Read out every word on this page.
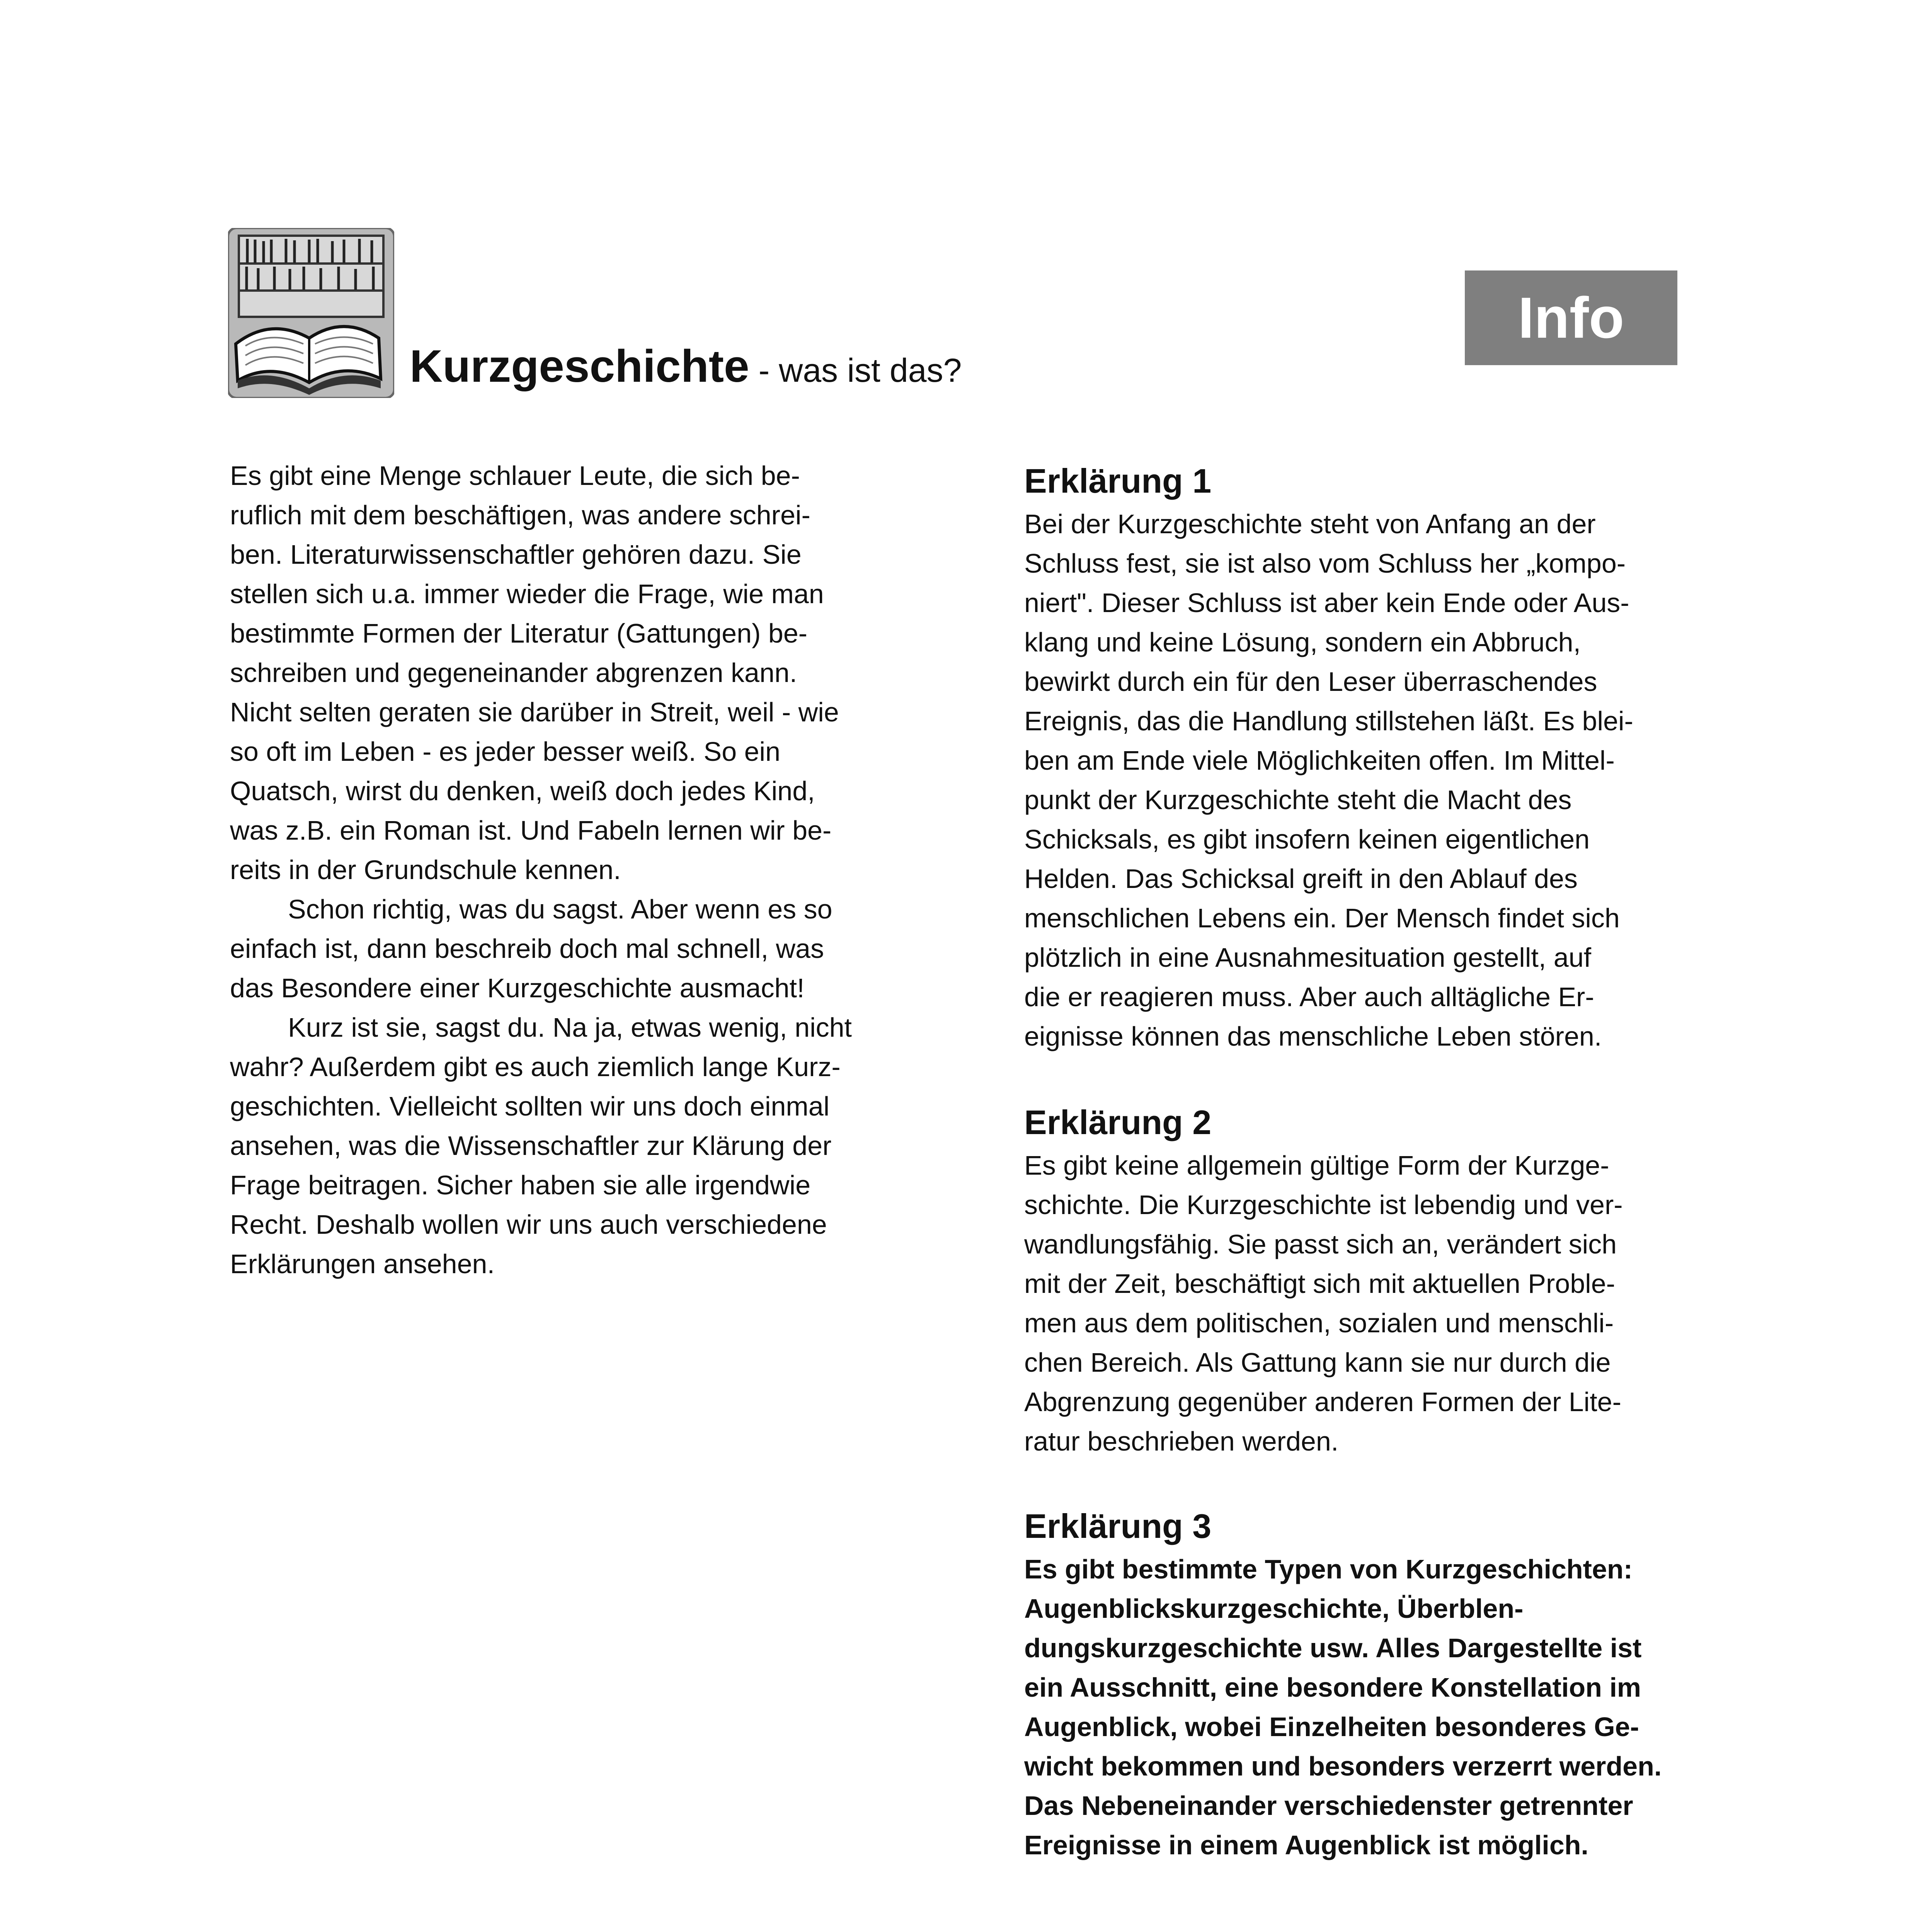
Kurzgeschichte - was ist das?
Info
Es gibt eine Menge schlauer Leute, die sich be-
ruflich mit dem beschäftigen, was andere schrei-
ben. Literaturwissenschaftler gehören dazu. Sie
stellen sich u.a. immer wieder die Frage, wie man
bestimmte Formen der Literatur (Gattungen) be-
schreiben und gegeneinander abgrenzen kann.
Nicht selten geraten sie darüber in Streit, weil - wie
so oft im Leben - es jeder besser weiß. So ein
Quatsch, wirst du denken, weiß doch jedes Kind,
was z.B. ein Roman ist. Und Fabeln lernen wir be-
reits in der Grundschule kennen.
Schon richtig, was du sagst. Aber wenn es so
einfach ist, dann beschreib doch mal schnell, was
das Besondere einer Kurzgeschichte ausmacht!
Kurz ist sie, sagst du. Na ja, etwas wenig, nicht
wahr? Außerdem gibt es auch ziemlich lange Kurz-
geschichten. Vielleicht sollten wir uns doch einmal
ansehen, was die Wissenschaftler zur Klärung der
Frage beitragen. Sicher haben sie alle irgendwie
Recht. Deshalb wollen wir uns auch verschiedene
Erklärungen ansehen.
Erklärung 1
Bei der Kurzgeschichte steht von Anfang an der
Schluss fest, sie ist also vom Schluss her „kompo-
niert". Dieser Schluss ist aber kein Ende oder Aus-
klang und keine Lösung, sondern ein Abbruch,
bewirkt durch ein für den Leser überraschendes
Ereignis, das die Handlung stillstehen läßt. Es blei-
ben am Ende viele Möglichkeiten offen. Im Mittel-
punkt der Kurzgeschichte steht die Macht des
Schicksals, es gibt insofern keinen eigentlichen
Helden. Das Schicksal greift in den Ablauf des
menschlichen Lebens ein. Der Mensch findet sich
plötzlich in eine Ausnahmesituation gestellt, auf
die er reagieren muss. Aber auch alltägliche Er-
eignisse können das menschliche Leben stören.
Erklärung 2
Es gibt keine allgemein gültige Form der Kurzge-
schichte. Die Kurzgeschichte ist lebendig und ver-
wandlungsfähig. Sie passt sich an, verändert sich
mit der Zeit, beschäftigt sich mit aktuellen Proble-
men aus dem politischen, sozialen und menschli-
chen Bereich. Als Gattung kann sie nur durch die
Abgrenzung gegenüber anderen Formen der Lite-
ratur beschrieben werden.
Erklärung 3
Es gibt bestimmte Typen von Kurzgeschichten:
Augenblickskurzgeschichte, Überblen-
dungskurzgeschichte usw. Alles Dargestellte ist
ein Ausschnitt, eine besondere Konstellation im
Augenblick, wobei Einzelheiten besonderes Ge-
wicht bekommen und besonders verzerrt werden.
Das Nebeneinander verschiedenster getrennter
Ereignisse in einem Augenblick ist möglich.
